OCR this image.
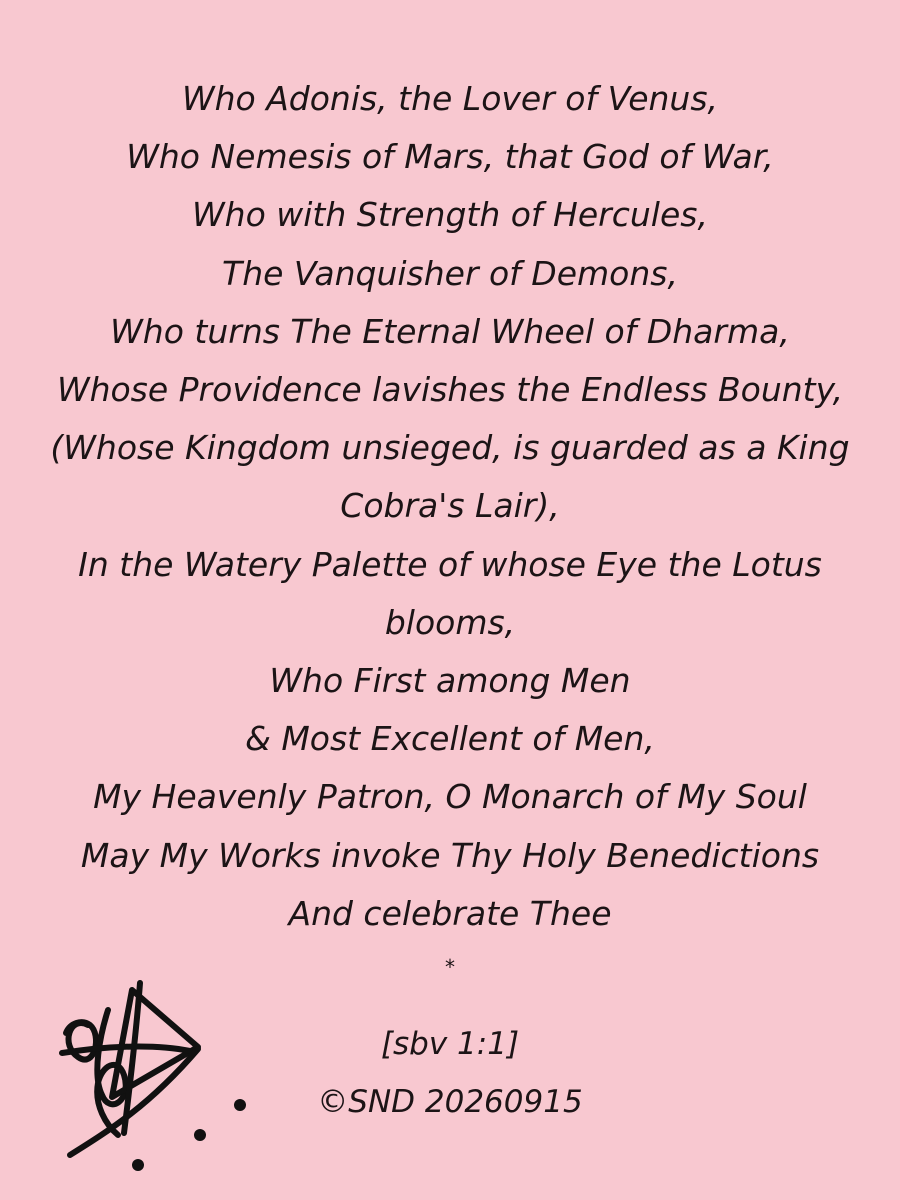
Who Adonis, the Lover of Venus,
Who Nemesis of Mars, that God of War,
Who with Strength of Hercules,
The Vanquisher of Demons,
Who turns The Eternal Wheel of Dharma,
Whose Providence lavishes the Endless Bounty,
(Whose Kingdom unsieged, is guarded as a King
Cobra's Lair),
In the Watery Palette of whose Eye the Lotus
blooms,
Who First among Men
& Most Excellent of Men,
My Heavenly Patron, O Monarch of My Soul
May My Works invoke Thy Holy Benedictions
And celebrate Thee
*
[sbv 1:1]
©SND 20260915
